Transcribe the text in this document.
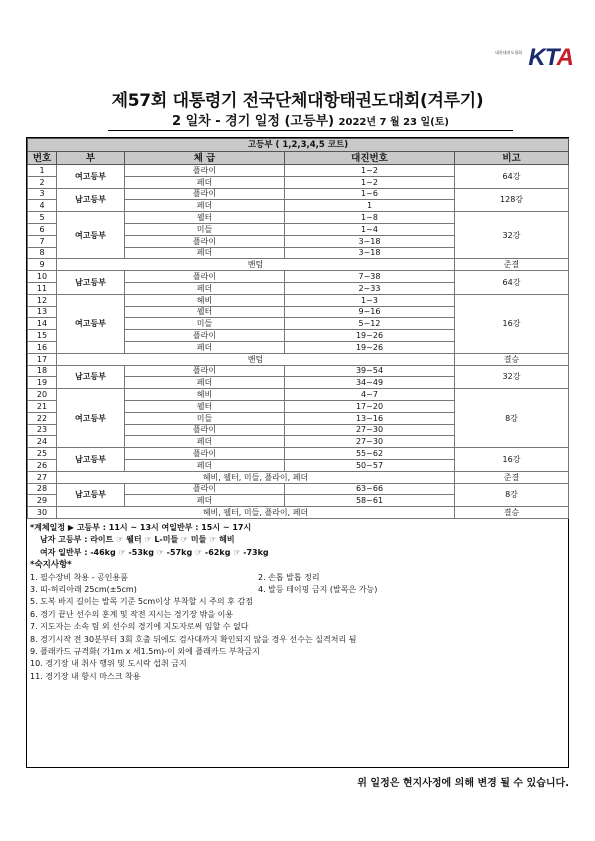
대한태권도협회 KTA
제57회 대통령기 전국단체대항태권도대회(겨루기)
2 일차 - 경기 일정 (고등부) 2022년 7 월 23 일(토)
고등부 ( 1,2,3,4,5 코트)				
번호	부	체 급	대진번호	비고
1	여고등부	플라이	1~2	64강
2		페더	1~2	
3	남고등부	플라이	1~6	128강
4		페더	1	
5	여고등부	웰터	1~8	32강
6		미들	1~4	
7		플라이	3~18	
8		페더	3~18	
9	밴텀			준결
10	남고등부	플라이	7~38	64강
11		페더	2~33	
12	여고등부	헤비	1~3	16강
13		웰터	9~16	
14		미들	5~12	
15		플라이	19~26	
16		페더	19~26	
17	밴텀			결승
18	남고등부	플라이	39~54	32강
19		페더	34~49	
20	여고등부	헤비	4~7	8강
21		웰터	17~20	
22		미들	13~16	
23		플라이	27~30	
24		페더	27~30	
25	남고등부	플라이	55~62	16강
26		페더	50~57	
27	헤비, 웰터, 미들, 플라이, 페더			준결
28	남고등부	플라이	63~66	8강
29		페더	58~61	
30	헤비, 웰터, 미들, 플라이, 페더			결승
*계체일정 ▶ 고등부 : 11시 ~ 13시 여일반부 : 15시 ~ 17시
남자 고등부 : 라이트 ☞ 웰터 ☞ L-미들 ☞ 미들 ☞ 헤비
여자 일반부 : -46kg ☞ -53kg ☞ -57kg ☞ -62kg ☞ -73kg
*숙지사항*
1. 필수장비 착용 - 공인용품	2. 손톱 발톱 정리
3. 띠-허리아래 25cm(±5cm)	4. 발등 테이핑 금지 (발목은 가능)
5. 도복 바지 길이는 발목 기준 5cm이상 부착할 시 주의 후 감점
6. 경기 끝난 선수의 훈계 및 작전 지시는 경기장 밖을 이용
7. 지도자는 소속 팀 외 선수의 경기에 지도자로써 임할 수 없다
8. 경기시작 전 30분부터 3회 호출 뒤에도 검사대까지 확인되지 않을 경우 선수는 실격처리 됨
9. 플래카드 규격화( 가1m x 세1.5m)-이 외에 플래카드 부착금지
10. 경기장 내 취사 행위 및 도시락 섭취 금지
11. 경기장 내 항시 마스크 착용
위 일정은 현지사정에 의해 변경 될 수 있습니다.
